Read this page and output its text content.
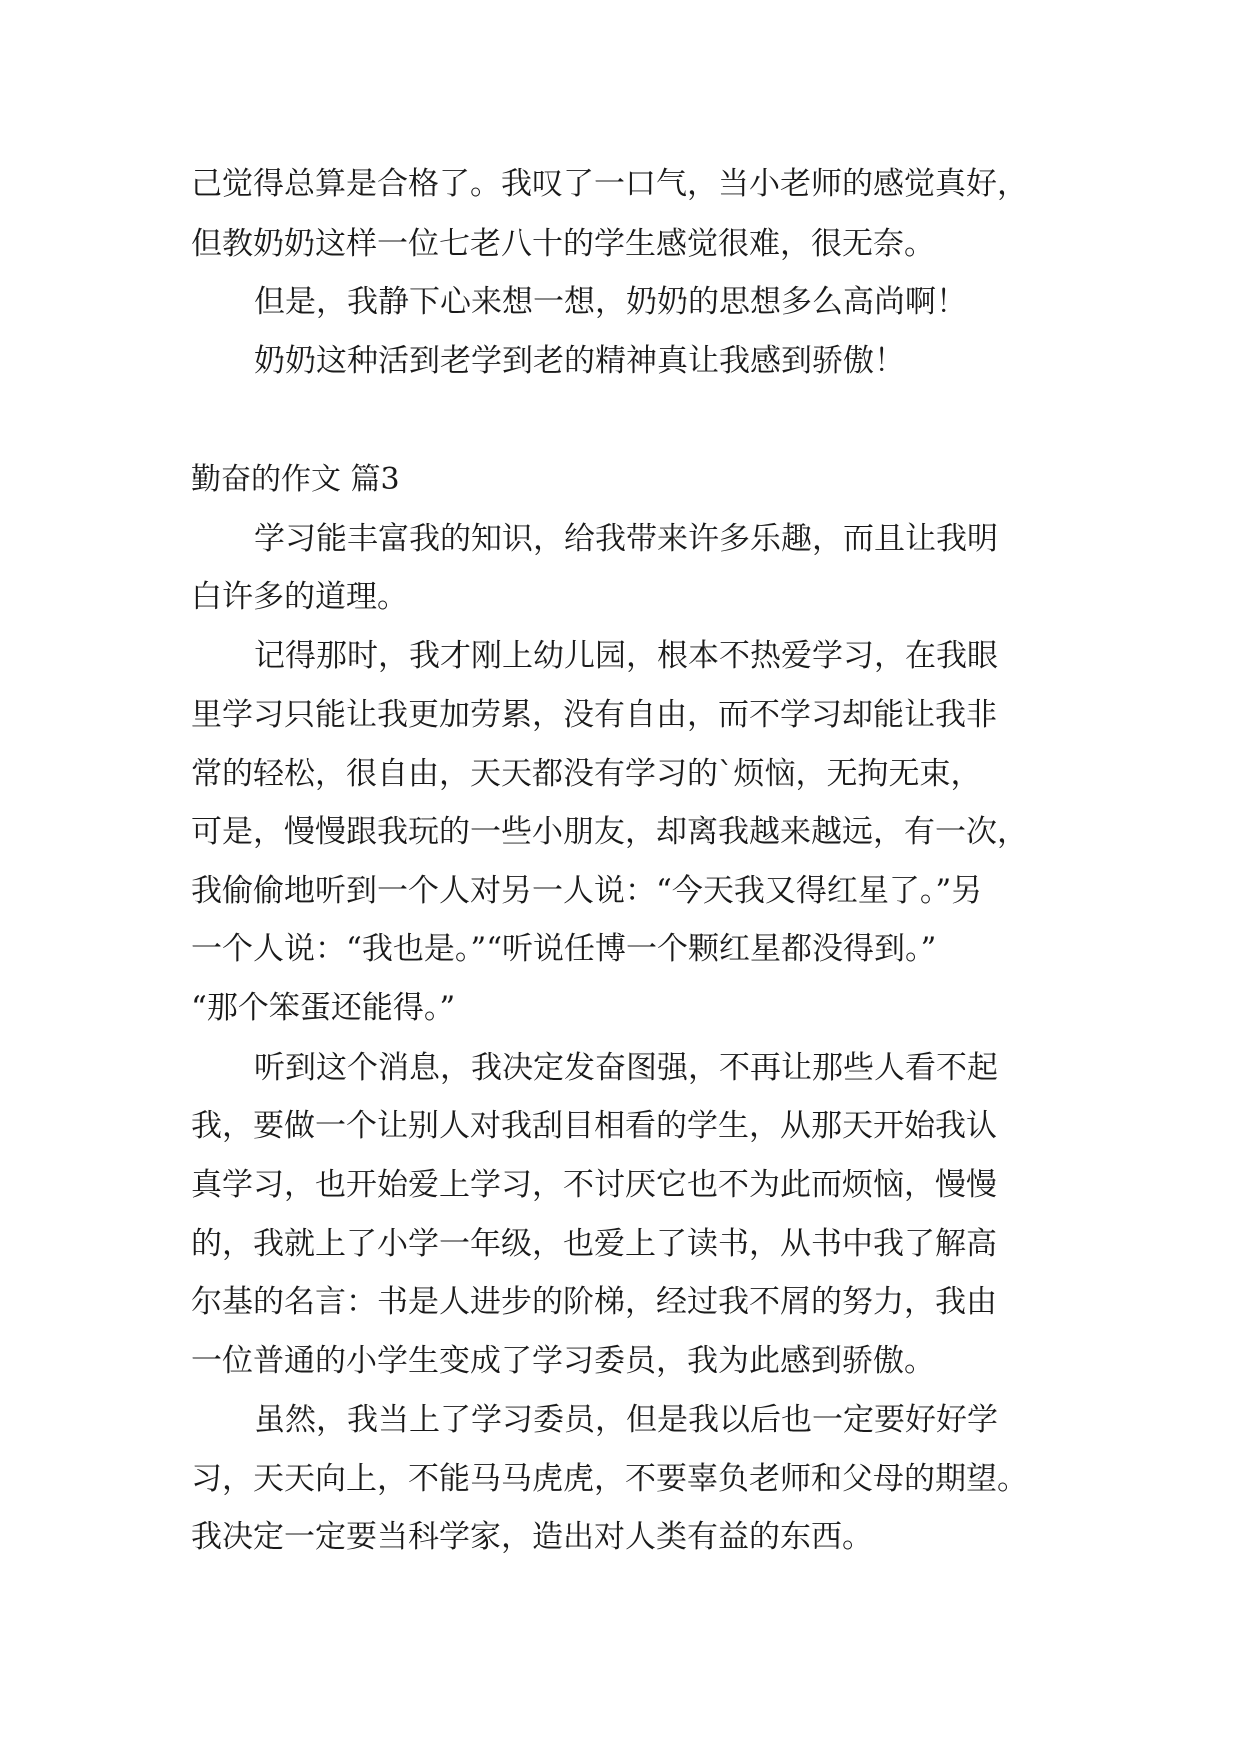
己觉得总算是合格了。我叹了一口气，当小老师的感觉真好，
但教奶奶这样一位七老八十的学生感觉很难，很无奈。
但是，我静下心来想一想，奶奶的思想多么高尚啊！
奶奶这种活到老学到老的精神真让我感到骄傲！
勤奋的作文 篇3
学习能丰富我的知识，给我带来许多乐趣，而且让我明
白许多的道理。
记得那时，我才刚上幼儿园，根本不热爱学习，在我眼
里学习只能让我更加劳累，没有自由，而不学习却能让我非
常的轻松，很自由，天天都没有学习的`烦恼，无拘无束，
可是，慢慢跟我玩的一些小朋友，却离我越来越远，有一次，
我偷偷地听到一个人对另一人说：“今天我又得红星了。”另
一个人说：“我也是。”“听说任博一个颗红星都没得到。”
“那个笨蛋还能得。”
听到这个消息，我决定发奋图强，不再让那些人看不起
我，要做一个让别人对我刮目相看的学生，从那天开始我认
真学习，也开始爱上学习，不讨厌它也不为此而烦恼，慢慢
的，我就上了小学一年级，也爱上了读书，从书中我了解高
尔基的名言：书是人进步的阶梯，经过我不屑的努力，我由
一位普通的小学生变成了学习委员，我为此感到骄傲。
虽然，我当上了学习委员，但是我以后也一定要好好学
习，天天向上，不能马马虎虎，不要辜负老师和父母的期望。
我决定一定要当科学家，造出对人类有益的东西。
